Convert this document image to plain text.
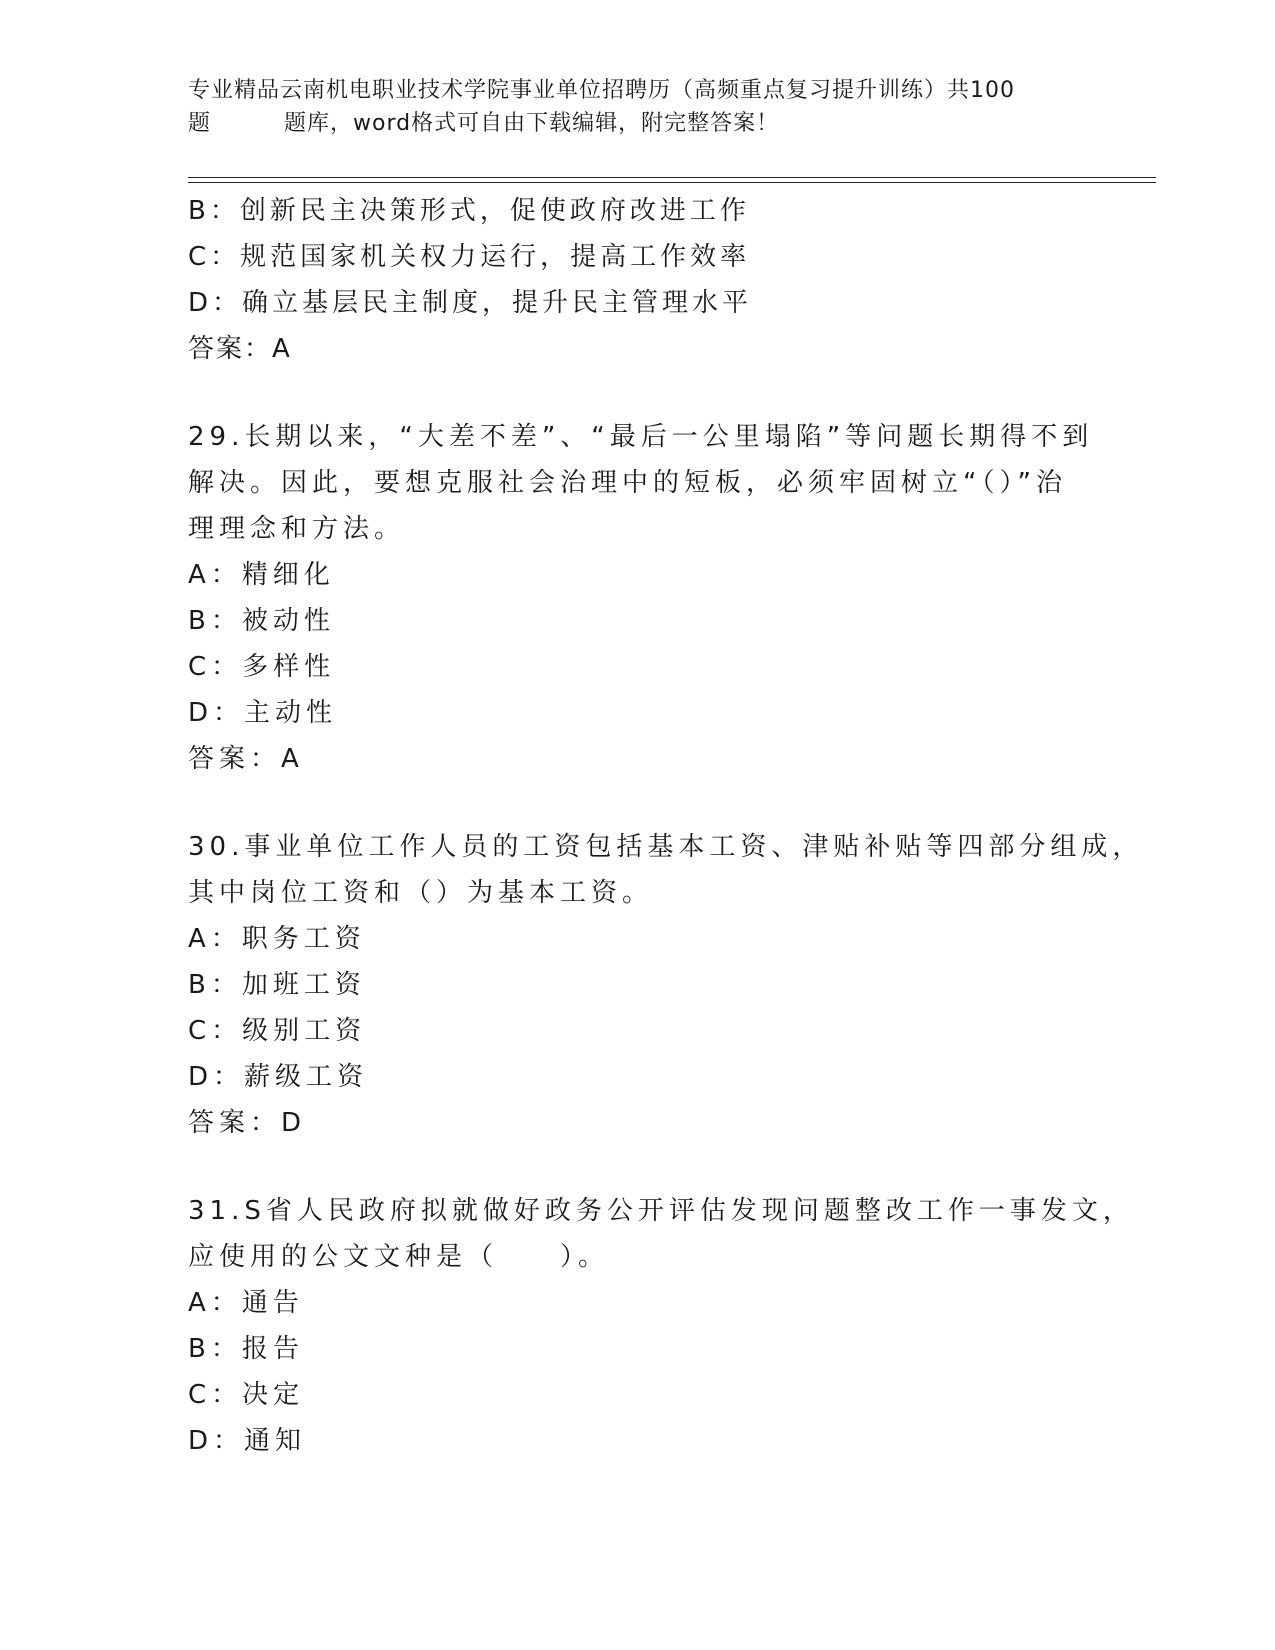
专业精品云南机电职业技术学院事业单位招聘历（高频重点复习提升训练）共100
题	题库，word格式可自由下载编辑，附完整答案！
B：创新民主决策形式，促使政府改进工作
C：规范国家机关权力运行，提高工作效率
D：确立基层民主制度，提升民主管理水平
答案：A
29.长期以来，“大差不差”、“最后一公里塌陷”等问题长期得不到
解决。因此，要想克服社会治理中的短板，必须牢固树立“（）”治
理理念和方法。
A：精细化
B：被动性
C：多样性
D：主动性
答案：A
30.事业单位工作人员的工资包括基本工资、津贴补贴等四部分组成，
其中岗位工资和（）为基本工资。
A：职务工资
B：加班工资
C：级别工资
D：薪级工资
答案：D
31.S省人民政府拟就做好政务公开评估发现问题整改工作一事发文，
应使用的公文文种是（　　）。
A：通告
B：报告
C：决定
D：通知
